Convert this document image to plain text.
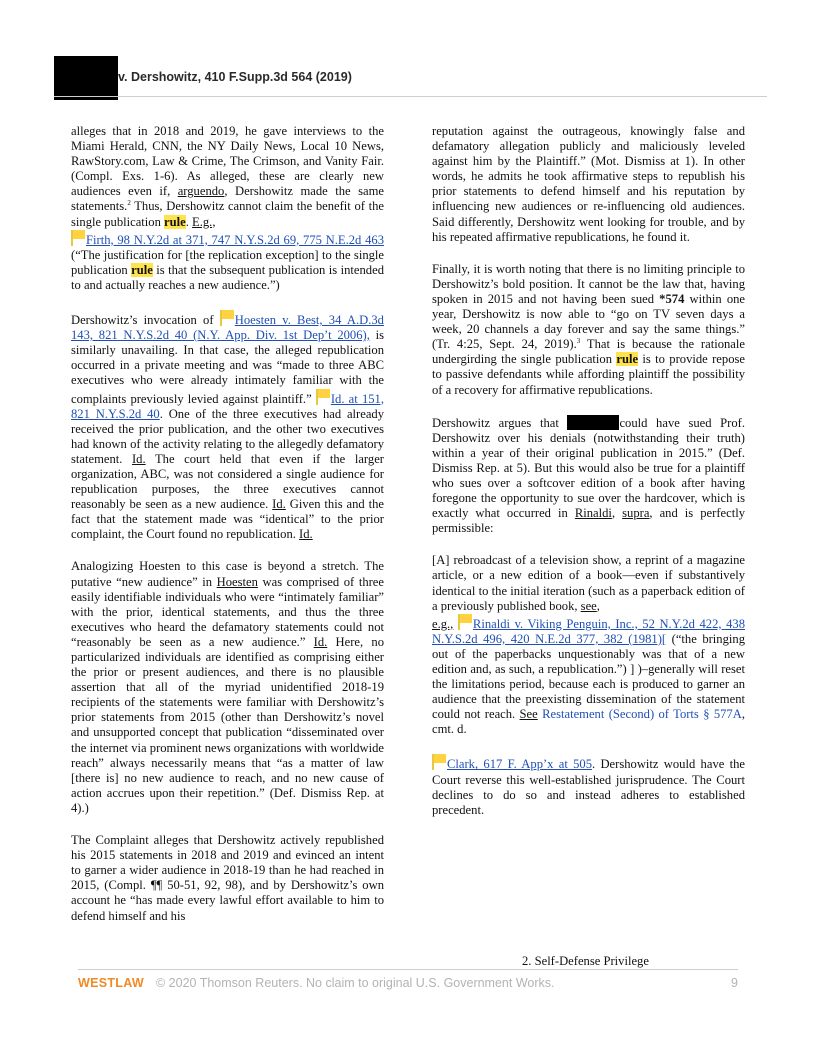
v. Dershowitz, 410 F.Supp.3d 564 (2019)

alleges that in 2018 and 2019, he gave interviews to the Miami Herald, CNN, the NY Daily News, Local 10 News, RawStory.com, Law & Crime, The Crimson, and Vanity Fair. (Compl. Exs. 1-6). As alleged, these are clearly new audiences even if, arguendo, Dershowitz made the same statements.$^2$ Thus, Dershowitz cannot claim the benefit of the single publication rule. E.g.,
Firth, 98 N.Y.2d at 371, 747 N.Y.S.2d 69, 775 N.E.2d 463 (“The justification for [the replication exception] to the single publication rule is that the subsequent publication is intended to and actually reaches a new audience.”)

Dershowitz’s invocation of Hoesten v. Best, 34 A.D.3d 143, 821 N.Y.S.2d 40 (N.Y. App. Div. 1st Dep’t 2006), is similarly unavailing. In that case, the alleged republication occurred in a private meeting and was “made to three ABC executives who were already intimately familiar with the complaints previously levied against plaintiff.” Id. at 151, 821 N.Y.S.2d 40. One of the three executives had already received the prior publication, and the other two executives had known of the activity relating to the allegedly defamatory statement. Id. The court held that even if the larger organization, ABC, was not considered a single audience for republication purposes, the three executives cannot reasonably be seen as a new audience. Id. Given this and the fact that the statement made was “identical” to the prior complaint, the Court found no republication. Id.

Analogizing Hoesten to this case is beyond a stretch. The putative “new audience” in Hoesten was comprised of three easily identifiable individuals who were “intimately familiar” with the prior, identical statements, and thus the three executives who heard the defamatory statements could not “reasonably be seen as a new audience.” Id. Here, no particularized individuals are identified as comprising either the prior or present audiences, and there is no plausible assertion that all of the myriad unidentified 2018-19 recipients of the statements were familiar with Dershowitz’s prior statements from 2015 (other than Dershowitz’s novel and unsupported concept that publication “disseminated over the internet via prominent news organizations with worldwide reach” always necessarily means that “as a matter of law [there is] no new audience to reach, and no new cause of action accrues upon their repetition.” (Def. Dismiss Rep. at 4).)

The Complaint alleges that Dershowitz actively republished his 2015 statements in 2018 and 2019 and evinced an intent to garner a wider audience in 2018-19 than he had reached in 2015, (Compl. ¶¶ 50-51, 92, 98), and by Dershowitz’s own account he “has made every lawful effort available to him to defend himself and his

reputation against the outrageous, knowingly false and defamatory allegation publicly and maliciously leveled against him by the Plaintiff.” (Mot. Dismiss at 1). In other words, he admits he took affirmative steps to republish his prior statements to defend himself and his reputation by influencing new audiences or re-influencing old audiences. Said differently, Dershowitz went looking for trouble, and by his repeated affirmative republications, he found it.

Finally, it is worth noting that there is no limiting principle to Dershowitz’s bold position. It cannot be the law that, having spoken in 2015 and not having been sued *574 within one year, Dershowitz is now able to “go on TV seven days a week, 20 channels a day forever and say the same things.” (Tr. 4:25, Sept. 24, 2019).$^3$ That is because the rationale undergirding the single publication rule is to provide repose to passive defendants while affording plaintiff the possibility of a recovery for affirmative republications.

Dershowitz argues that	could have sued Prof. Dershowitz over his denials (notwithstanding their truth) within a year of their original publication in 2015.” (Def. Dismiss Rep. at 5). But this would also be true for a plaintiff who sues over a softcover edition of a book after having foregone the opportunity to sue over the hardcover, which is exactly what occurred in Rinaldi, supra, and is perfectly permissible:

[A] rebroadcast of a television show, a reprint of a magazine article, or a new edition of a book—even if substantively identical to the initial iteration (such as a paperback edition of a previously published book, see,
e.g., Rinaldi v. Viking Penguin, Inc., 52 N.Y.2d 422, 438 N.Y.S.2d 496, 420 N.E.2d 377, 382 (1981)[ (“the bringing out of the paperbacks unquestionably was that of a new edition and, as such, a republication.”) ] )–generally will reset the limitations period, because each is produced to garner an audience that the preexisting dissemination of the statement could not reach. See Restatement (Second) of Torts § 577A, cmt. d.

Clark, 617 F. App’x at 505. Dershowitz would have the Court reverse this well-established jurisprudence. The Court declines to do so and instead adheres to established precedent.

2. Self-Defense Privilege
WESTLAW © 2020 Thomson Reuters. No claim to original U.S. Government Works.	9
